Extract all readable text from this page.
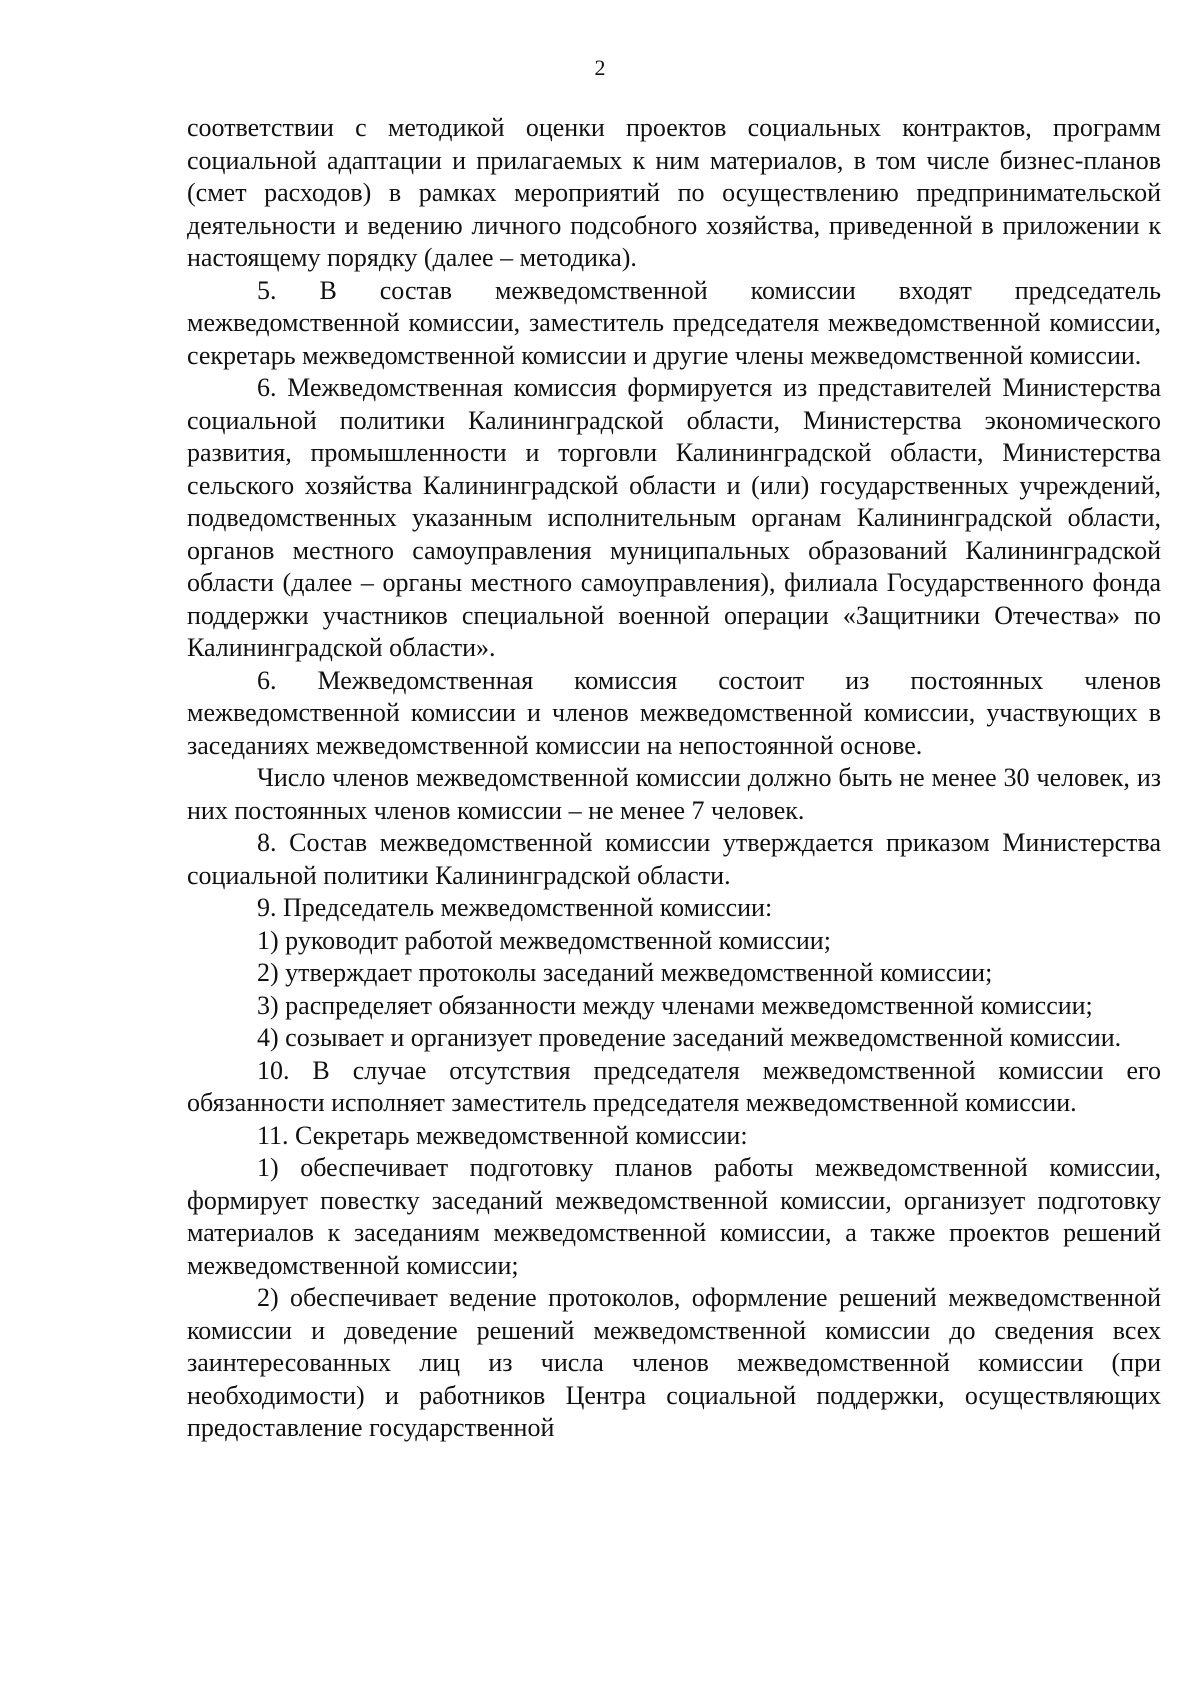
2

соответствии с методикой оценки проектов социальных контрактов, программ социальной адаптации и прилагаемых к ним материалов, в том числе бизнес-планов (смет расходов) в рамках мероприятий по осуществлению предпринимательской деятельности и ведению личного подсобного хозяйства, приведенной в приложении к настоящему порядку (далее – методика).

5. В состав межведомственной комиссии входят председатель межведомственной комиссии, заместитель председателя межведомственной комиссии, секретарь межведомственной комиссии и другие члены межведомственной комиссии.

6. Межведомственная комиссия формируется из представителей Министерства социальной политики Калининградской области, Министерства экономического развития, промышленности и торговли Калининградской области, Министерства сельского хозяйства Калининградской области и (или) государственных учреждений, подведомственных указанным исполнительным органам Калининградской области, органов местного самоуправления муниципальных образований Калининградской области (далее – органы местного самоуправления), филиала Государственного фонда поддержки участников специальной военной операции «Защитники Отечества» по Калининградской области».

6. Межведомственная комиссия состоит из постоянных членов межведомственной комиссии и членов межведомственной комиссии, участвующих в заседаниях межведомственной комиссии на непостоянной основе.

Число членов межведомственной комиссии должно быть не менее 30 человек, из них постоянных членов комиссии – не менее 7 человек.

8. Состав межведомственной комиссии утверждается приказом Министерства социальной политики Калининградской области.

9. Председатель межведомственной комиссии:

1) руководит работой межведомственной комиссии;

2) утверждает протоколы заседаний межведомственной комиссии;

3) распределяет обязанности между членами межведомственной комиссии;

4) созывает и организует проведение заседаний межведомственной комиссии.

10. В случае отсутствия председателя межведомственной комиссии его обязанности исполняет заместитель председателя межведомственной комиссии.

11. Секретарь межведомственной комиссии:

1) обеспечивает подготовку планов работы межведомственной комиссии, формирует повестку заседаний межведомственной комиссии, организует подготовку материалов к заседаниям межведомственной комиссии, а также проектов решений межведомственной комиссии;

2) обеспечивает ведение протоколов, оформление решений межведомственной комиссии и доведение решений межведомственной комиссии до сведения всех заинтересованных лиц из числа членов межведомственной комиссии (при необходимости) и работников Центра социальной поддержки, осуществляющих предоставление государственной
